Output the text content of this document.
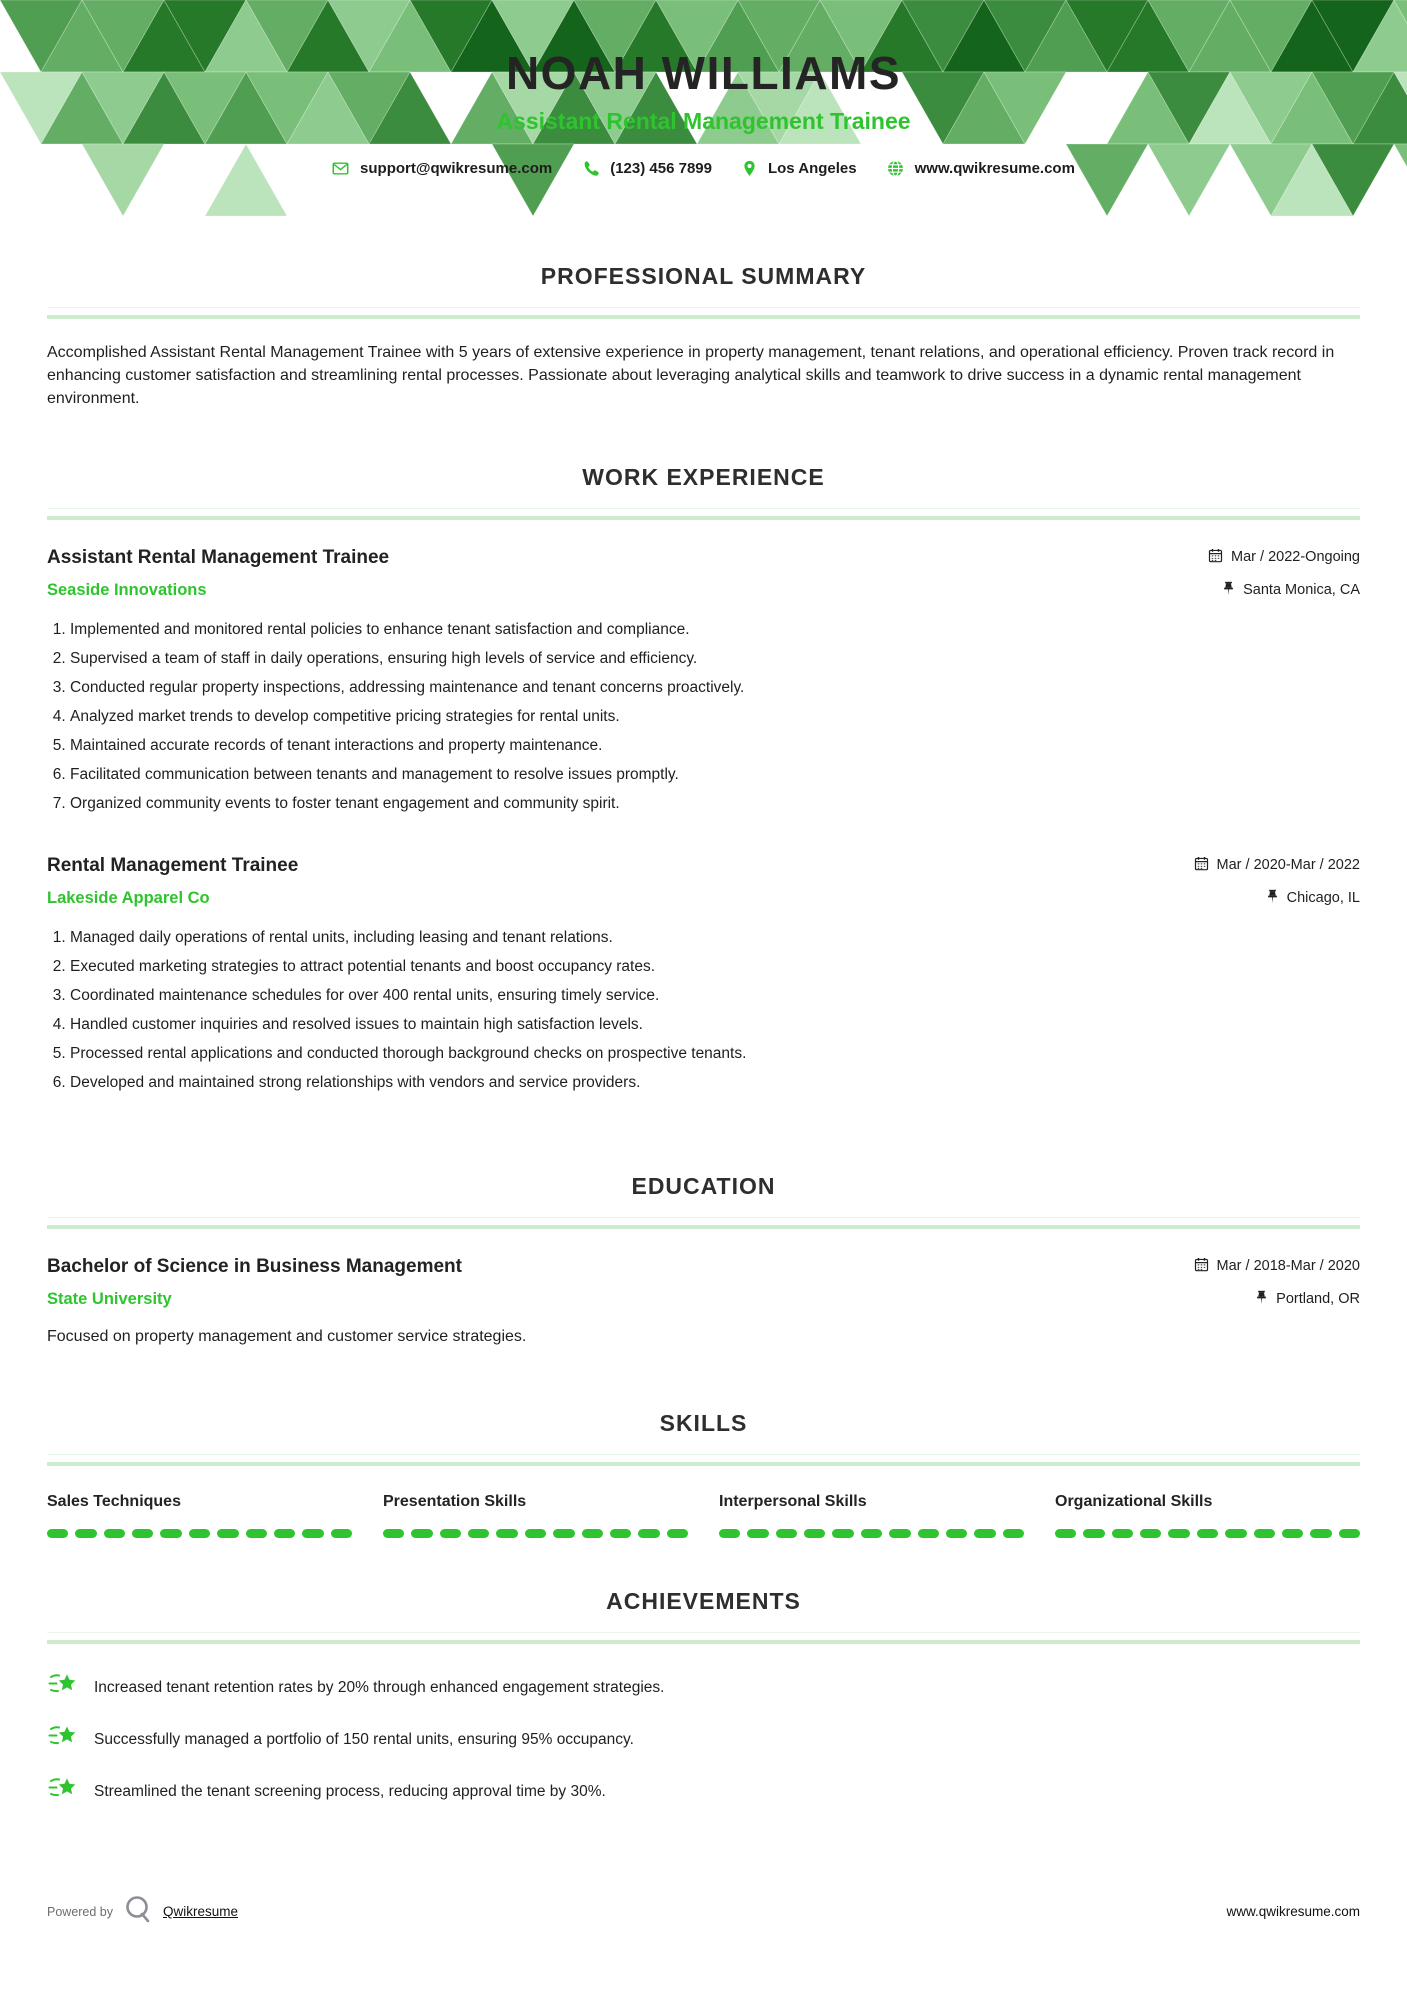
NOAH WILLIAMS
Assistant Rental Management Trainee
support@qwikresume.com	(123) 456 7899	Los Angeles	www.qwikresume.com
PROFESSIONAL SUMMARY

Accomplished Assistant Rental Management Trainee with 5 years of extensive experience in property management, tenant relations, and operational efficiency. Proven track record in enhancing customer satisfaction and streamlining rental processes. Passionate about leveraging analytical skills and teamwork to drive success in a dynamic rental management environment.

WORK EXPERIENCE
Assistant Rental Management Trainee
Seaside Innovations
Mar / 2022-Ongoing
Santa Monica, CA
1. Implemented and monitored rental policies to enhance tenant satisfaction and compliance.
2. Supervised a team of staff in daily operations, ensuring high levels of service and efficiency.
3. Conducted regular property inspections, addressing maintenance and tenant concerns proactively.
4. Analyzed market trends to develop competitive pricing strategies for rental units.
5. Maintained accurate records of tenant interactions and property maintenance.
6. Facilitated communication between tenants and management to resolve issues promptly.
7. Organized community events to foster tenant engagement and community spirit.
Rental Management Trainee
Lakeside Apparel Co
Mar / 2020-Mar / 2022
Chicago, IL
1. Managed daily operations of rental units, including leasing and tenant relations.
2. Executed marketing strategies to attract potential tenants and boost occupancy rates.
3. Coordinated maintenance schedules for over 400 rental units, ensuring timely service.
4. Handled customer inquiries and resolved issues to maintain high satisfaction levels.
5. Processed rental applications and conducted thorough background checks on prospective tenants.
6. Developed and maintained strong relationships with vendors and service providers.
EDUCATION
Bachelor of Science in Business Management
State University
Mar / 2018-Mar / 2020
Portland, OR

Focused on property management and customer service strategies.

SKILLS
Sales Techniques	Presentation Skills	Interpersonal Skills	Organizational Skills
ACHIEVEMENTS
Increased tenant retention rates by 20% through enhanced engagement strategies.
Successfully managed a portfolio of 150 rental units, ensuring 95% occupancy.
Streamlined the tenant screening process, reducing approval time by 30%.
Powered by	Qwikresume	www.qwikresume.com
